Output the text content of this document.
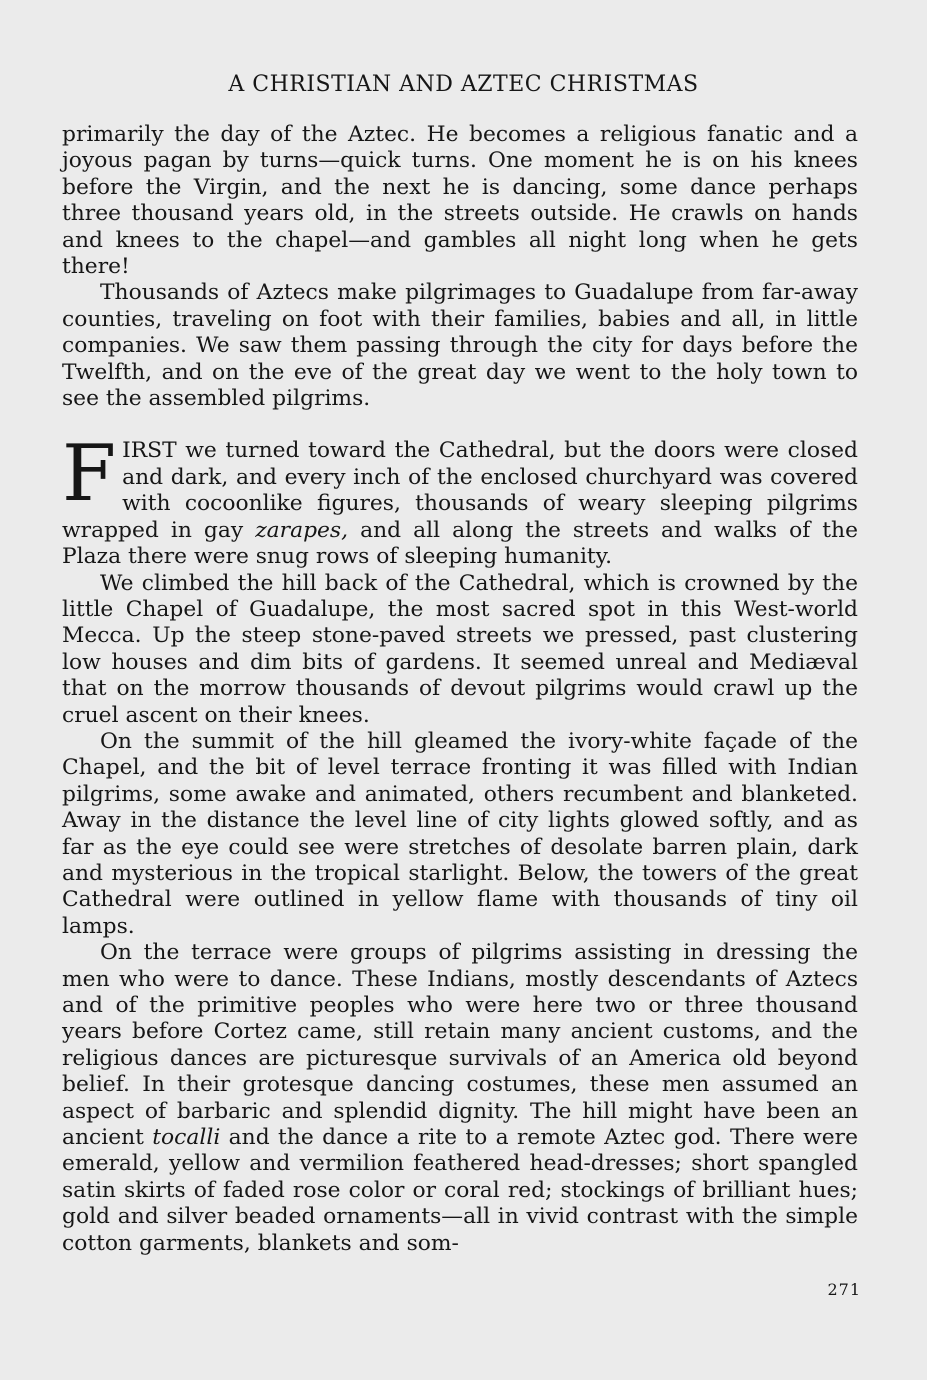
A CHRISTIAN AND AZTEC CHRISTMAS

primarily the day of the Aztec. He becomes a religious fanatic and a joyous pagan by turns—quick turns. One moment he is on his knees before the Virgin, and the next he is dancing, some dance perhaps three thousand years old, in the streets outside. He crawls on hands and knees to the chapel—and gambles all night long when he gets there!

Thousands of Aztecs make pilgrimages to Guadalupe from far-away counties, traveling on foot with their families, babies and all, in little companies. We saw them passing through the city for days before the Twelfth, and on the eve of the great day we went to the holy town to see the assembled pilgrims.

FIRST we turned toward the Cathedral, but the doors were closed and dark, and every inch of the enclosed churchyard was covered with cocoonlike figures, thousands of weary sleeping pilgrims wrapped in gay zarapes, and all along the streets and walks of the Plaza there were snug rows of sleeping humanity.

We climbed the hill back of the Cathedral, which is crowned by the little Chapel of Guadalupe, the most sacred spot in this West-world Mecca. Up the steep stone-paved streets we pressed, past clustering low houses and dim bits of gardens. It seemed unreal and Mediæval that on the morrow thousands of devout pilgrims would crawl up the cruel ascent on their knees.

On the summit of the hill gleamed the ivory-white façade of the Chapel, and the bit of level terrace fronting it was filled with Indian pilgrims, some awake and animated, others recumbent and blanketed. Away in the distance the level line of city lights glowed softly, and as far as the eye could see were stretches of desolate barren plain, dark and mysterious in the tropical starlight. Below, the towers of the great Cathedral were outlined in yellow flame with thousands of tiny oil lamps.

On the terrace were groups of pilgrims assisting in dressing the men who were to dance. These Indians, mostly descendants of Aztecs and of the primitive peoples who were here two or three thousand years before Cortez came, still retain many ancient customs, and the religious dances are picturesque survivals of an America old beyond belief. In their grotesque dancing costumes, these men assumed an aspect of barbaric and splendid dignity. The hill might have been an ancient tocalli and the dance a rite to a remote Aztec god. There were emerald, yellow and vermilion feathered head-dresses; short spangled satin skirts of faded rose color or coral red; stockings of brilliant hues; gold and silver beaded ornaments—all in vivid contrast with the simple cotton garments, blankets and som-

271
